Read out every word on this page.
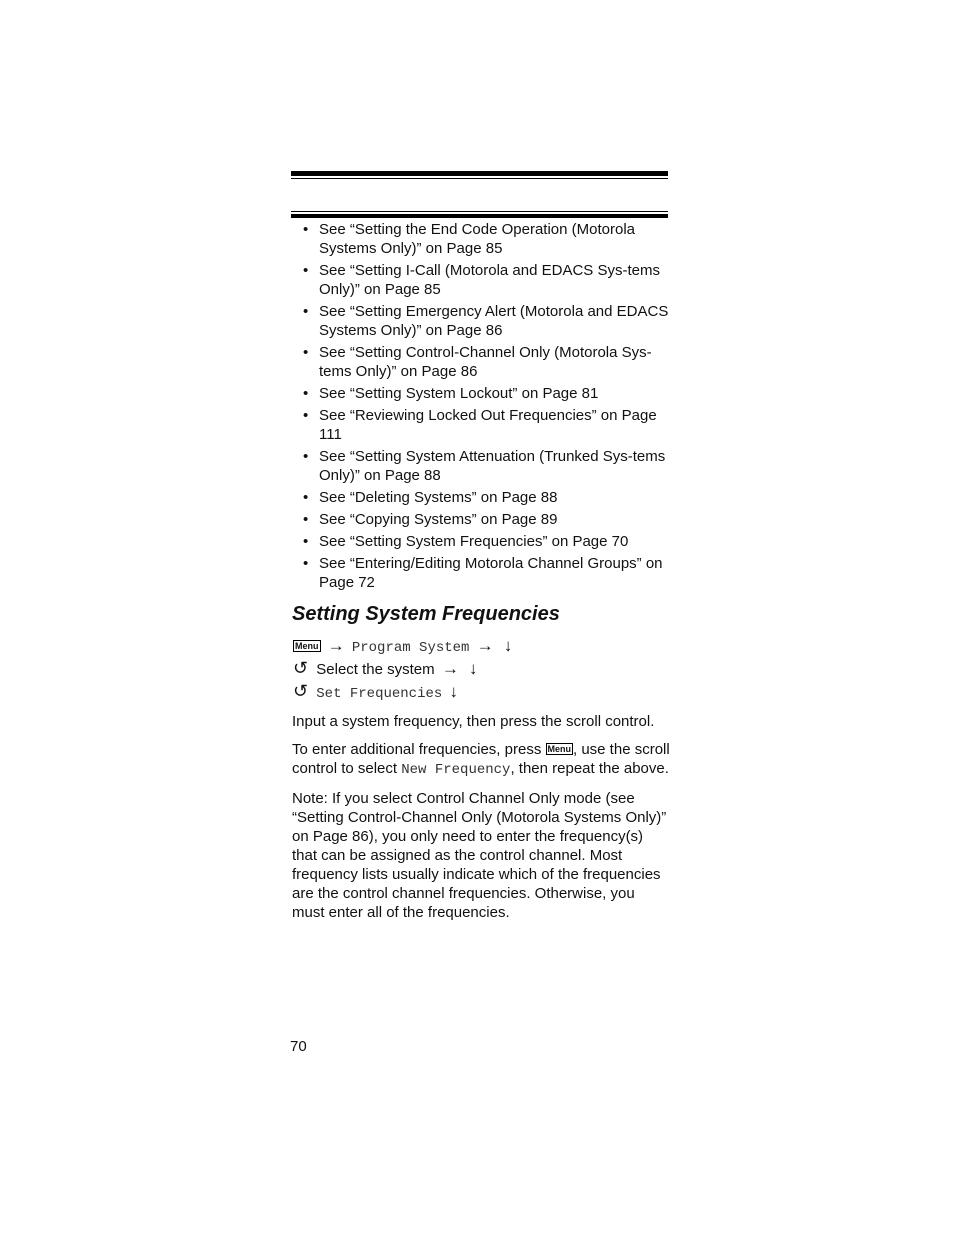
• See “Setting the End Code Operation (Motorola Systems Only)” on Page 85
• See “Setting I-Call (Motorola and EDACS Sys-tems Only)” on Page 85
• See “Setting Emergency Alert (Motorola and EDACS Systems Only)” on Page 86
• See “Setting Control-Channel Only (Motorola Sys-tems Only)” on Page 86
• See “Setting System Lockout” on Page 81
• See “Reviewing Locked Out Frequencies” on Page 111
• See “Setting System Attenuation (Trunked Sys-tems Only)” on Page 88
• See “Deleting Systems” on Page 88
• See “Copying Systems” on Page 89
• See “Setting System Frequencies” on Page 70
• See “Entering/Editing Motorola Channel Groups” on Page 72
Setting System Frequencies
Menu → Program System → ↓
↺ Select the system → ↓
↺ Set Frequencies ↓

Input a system frequency, then press the scroll control.

To enter additional frequencies, press Menu , use the scroll control to select New Frequency, then repeat the above.

Note: If you select Control Channel Only mode (see “Setting Control-Channel Only (Motorola Systems Only)” on Page 86), you only need to enter the frequency(s) that can be assigned as the control channel. Most frequency lists usually indicate which of the frequencies are the control channel frequencies. Otherwise, you must enter all of the frequencies.

70
